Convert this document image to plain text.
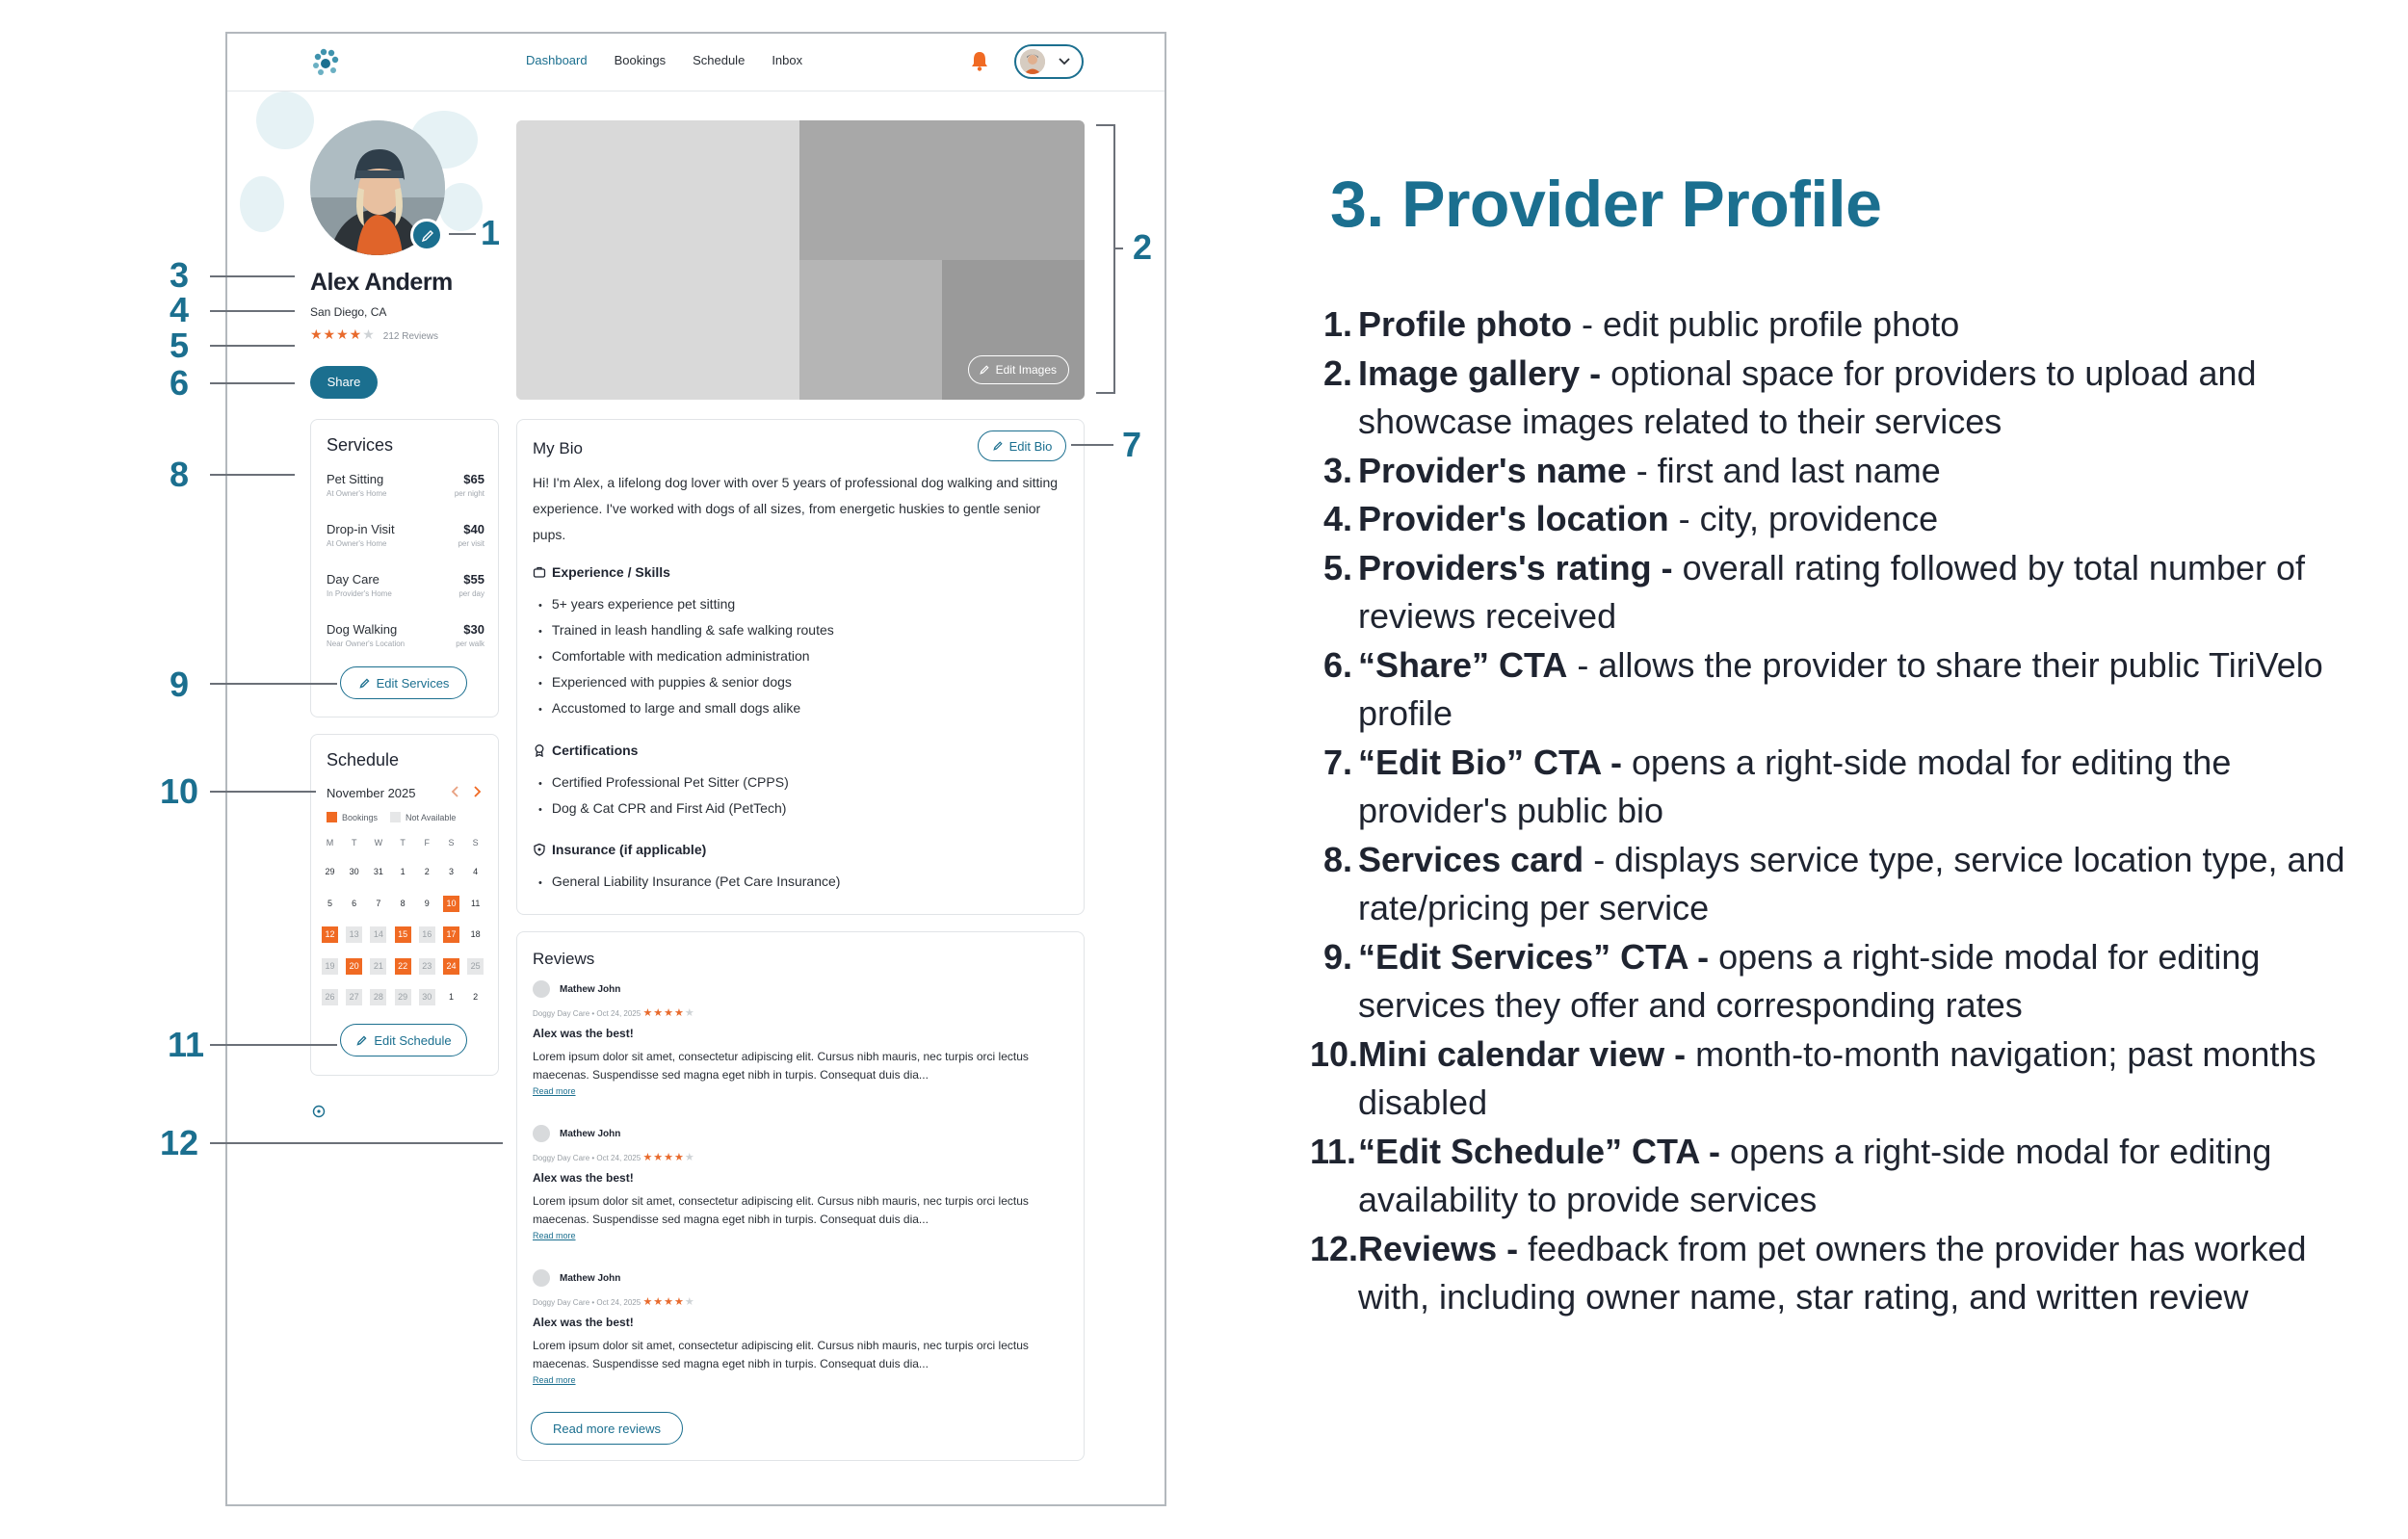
Dashboard Bookings Schedule Inbox
Alex Anderm
San Diego, CA
★★★★★ 212 Reviews
Share
Edit Images
Services
Pet Sitting	$65
At Owner's Home	per night
Drop-in Visit	$40
At Owner's Home	per visit
Day Care	$55
In Provider's Home	per day
Dog Walking	$30
Near Owner's Location	per walk
Edit Services
Schedule
November 2025
Bookings	Not Available
M	T	W	T	F	S	S
29	30	31	1	2	3	4
5	6	7	8	9	10	11
12	13	14	15	16	17	18
19	20	21	22	23	24	25
26	27	28	29	30	1	2
Edit Schedule
My Bio	Edit Bio

Hi! I'm Alex, a lifelong dog lover with over 5 years of professional dog walking and sitting experience. I've worked with dogs of all sizes, from energetic huskies to gentle senior pups.

Experience / Skills
• 5+ years experience pet sitting
• Trained in leash handling & safe walking routes
• Comfortable with medication administration
• Experienced with puppies & senior dogs
• Accustomed to large and small dogs alike
Certifications
• Certified Professional Pet Sitter (CPPS)
• Dog & Cat CPR and First Aid (PetTech)
Insurance (if applicable)
• General Liability Insurance (Pet Care Insurance)
Reviews
Mathew John
Doggy Day Care • Oct 24, 2025 ★★★★★
Alex was the best!
Lorem ipsum dolor sit amet, consectetur adipiscing elit. Cursus nibh mauris, nec turpis orci lectus maecenas. Suspendisse sed magna eget nibh in turpis. Consequat duis dia...
Read more
Mathew John
Doggy Day Care • Oct 24, 2025 ★★★★★
Alex was the best!
Lorem ipsum dolor sit amet, consectetur adipiscing elit. Cursus nibh mauris, nec turpis orci lectus maecenas. Suspendisse sed magna eget nibh in turpis. Consequat duis dia...
Read more
Mathew John
Doggy Day Care • Oct 24, 2025 ★★★★★
Alex was the best!
Lorem ipsum dolor sit amet, consectetur adipiscing elit. Cursus nibh mauris, nec turpis orci lectus maecenas. Suspendisse sed magna eget nibh in turpis. Consequat duis dia...
Read more
Read more reviews
1	2
3
4
5
6
7
8
9
10
11
12
3. Provider Profile
1. Profile photo - edit public profile photo
2. Image gallery - optional space for providers to upload and showcase images related to their services
3. Provider's name - first and last name
4. Provider's location - city, providence
5. Providers's rating - overall rating followed by total number of reviews received
6. “Share” CTA - allows the provider to share their public TiriVelo profile
7. “Edit Bio” CTA - opens a right-side modal for editing the provider's public bio
8. Services card - displays service type, service location type, and rate/pricing per service
9. “Edit Services” CTA - opens a right-side modal for editing services they offer and corresponding rates
10. Mini calendar view - month-to-month navigation; past months disabled
11. “Edit Schedule” CTA - opens a right-side modal for editing availability to provide services
12. Reviews - feedback from pet owners the provider has worked with, including owner name, star rating, and written review
